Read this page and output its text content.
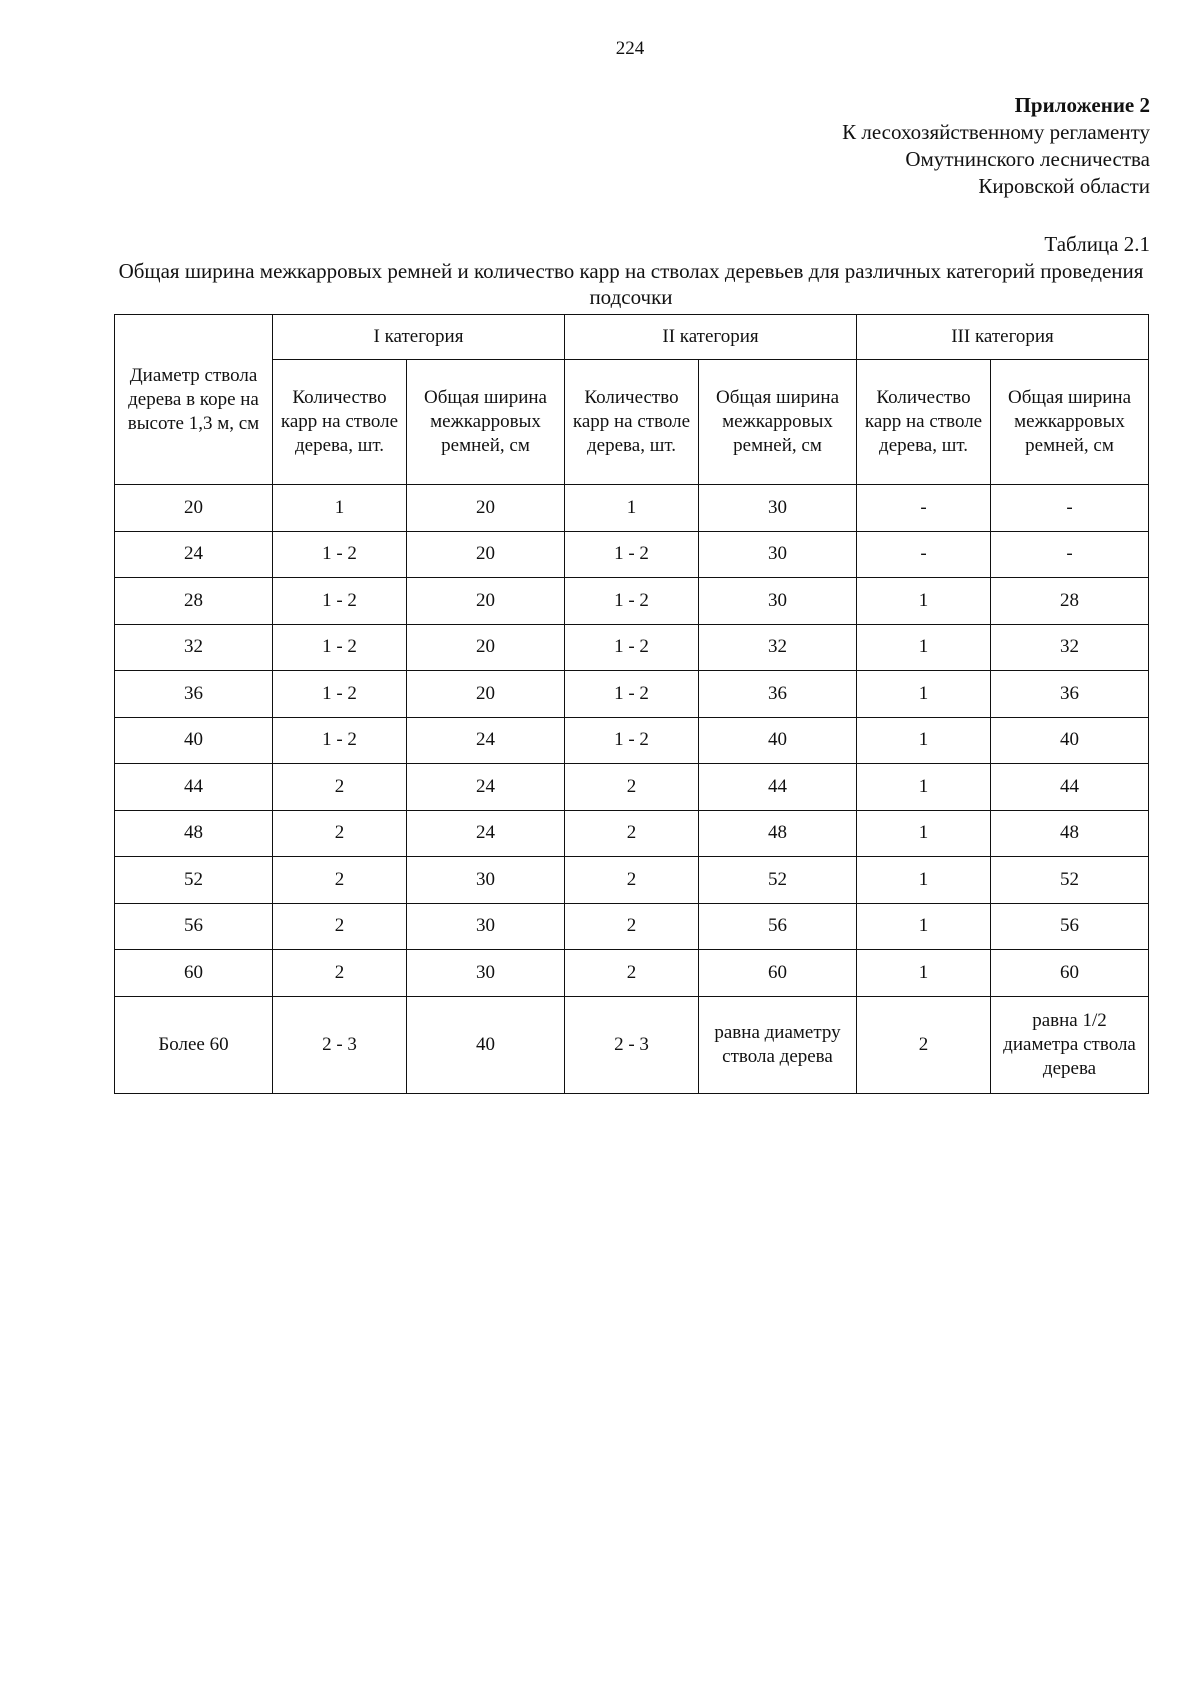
224
Приложение 2
К лесохозяйственному регламенту
Омутнинского лесничества
Кировской области
Таблица 2.1
Общая ширина межкарровых ремней и количество карр на стволах деревьев для различных категорий проведения подсочки
Диаметр ствола дерева в коре на высоте 1,3 м, см	I категория		II категория		III категория	
	Количество карр на стволе дерева, шт.	Общая ширина межкарровых ремней, см	Количество карр на стволе дерева, шт.	Общая ширина межкарровых ремней, см	Количество карр на стволе дерева, шт.	Общая ширина межкарровых ремней, см
20	1	20	1	30	-	-
24	1 - 2	20	1 - 2	30	-	-
28	1 - 2	20	1 - 2	30	1	28
32	1 - 2	20	1 - 2	32	1	32
36	1 - 2	20	1 - 2	36	1	36
40	1 - 2	24	1 - 2	40	1	40
44	2	24	2	44	1	44
48	2	24	2	48	1	48
52	2	30	2	52	1	52
56	2	30	2	56	1	56
60	2	30	2	60	1	60
Более 60	2 - 3	40	2 - 3	равна диаметру ствола дерева	2	равна 1/2 диаметра ствола дерева
